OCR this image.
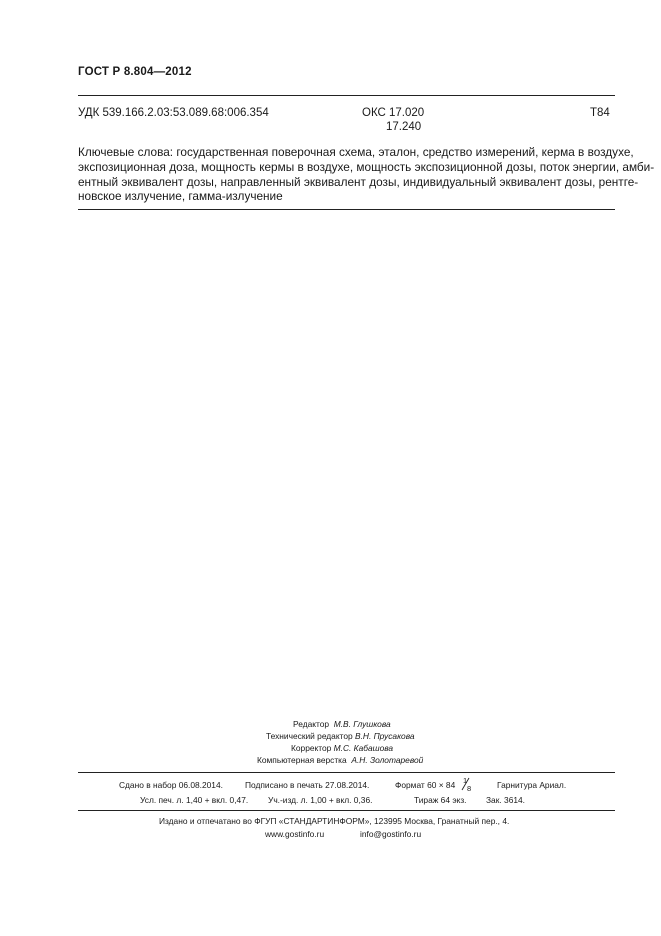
ГОСТ Р 8.804—2012
УДК 539.166.2.03:53.089.68:006.354	ОКС 17.020
17.240
Т84
Ключевые слова: государственная поверочная схема, эталон, средство измерений, керма в воздухе,
экспозиционная доза, мощность кермы в воздухе, мощность экспозиционной дозы, поток энергии, амби-
ентный эквивалент дозы, направленный эквивалент дозы, индивидуальный эквивалент дозы, рентге-
новское излучение, гамма-излучение
Редактор М.В. Глушкова
Технический редактор В.Н. Прусакова
Корректор М.С. Кабашова
Компьютерная верстка А.Н. Золотаревой
Сдано в набор 06.08.2014.	Подписано в печать 27.08.2014.	Формат 60 × 84 1
8	Гарнитура Ариал.
Усл. печ. л. 1,40 + вкл. 0,47. Уч.-изд. л. 1,00 + вкл. 0,36.	Тираж 64 экз. Зак. 3614.
Издано и отпечатано во ФГУП «СТАНДАРТИНФОРМ», 123995 Москва, Гранатный пер., 4.
www.gostinfo.ru	info@gostinfo.ru
